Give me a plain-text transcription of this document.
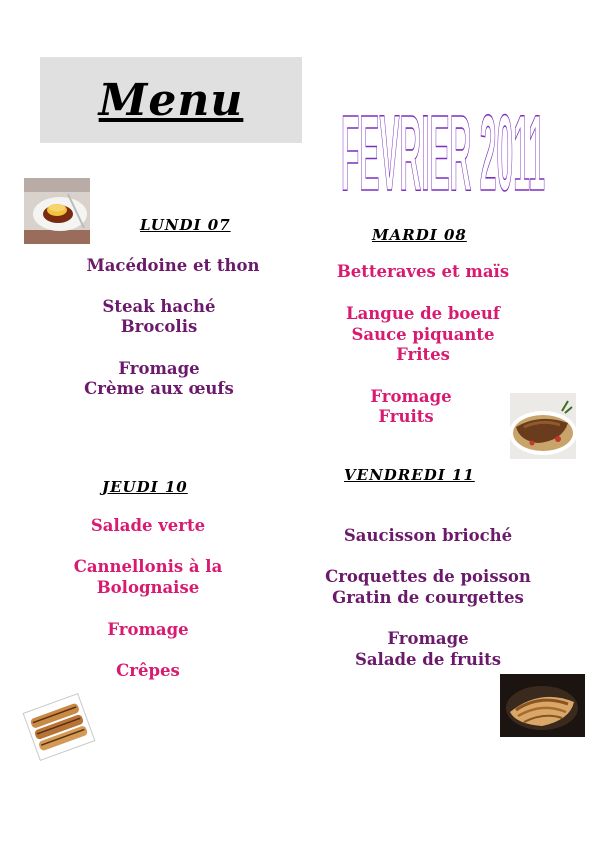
Menu FEVRIER 2011
LUNDI 07
Macédoine et thon
Steak haché
Brocolis
Fromage
Crème aux œufs
MARDI 08
Betteraves et maïs
Langue de boeuf
Sauce piquante
Frites
Fromage
Fruits
JEUDI 10
Salade verte
Cannellonis à la
Bolognaise
Fromage
Crêpes
VENDREDI 11
Saucisson brioché
Croquettes de poisson
Gratin de courgettes
Fromage
Salade de fruits
